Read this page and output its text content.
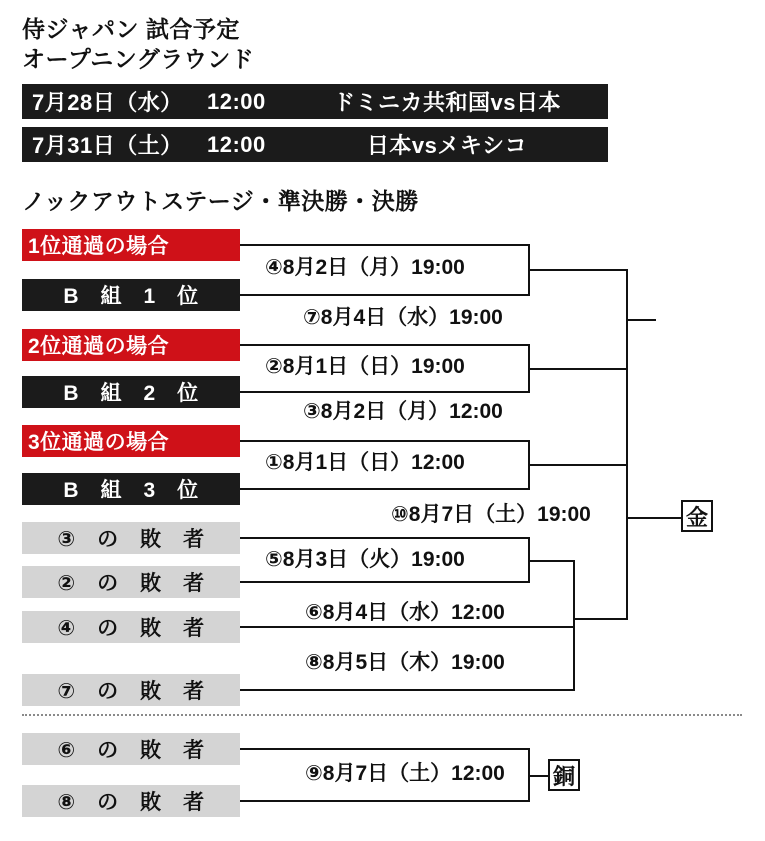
侍ジャパン 試合予定
オープニングラウンド
7月28日（水）	12:00	ドミニカ共和国vs日本
7月31日（土）	12:00	日本vsメキシコ
ノックアウトステージ・準決勝・決勝
1位通過の場合
B　組　1　位
2位通過の場合
B　組　2　位
3位通過の場合
B　組　3　位
③　の　敗　者
②　の　敗　者
④　の　敗　者
⑦　の　敗　者
⑥　の　敗　者
⑧　の　敗　者
④8月2日（月）19:00
⑦8月4日（水）19:00
②8月1日（日）19:00
③8月2日（月）12:00
①8月1日（日）12:00
⑩8月7日（土）19:00
⑤8月3日（火）19:00
⑥8月4日（水）12:00
⑧8月5日（木）19:00
⑨8月7日（土）12:00
金
銅
